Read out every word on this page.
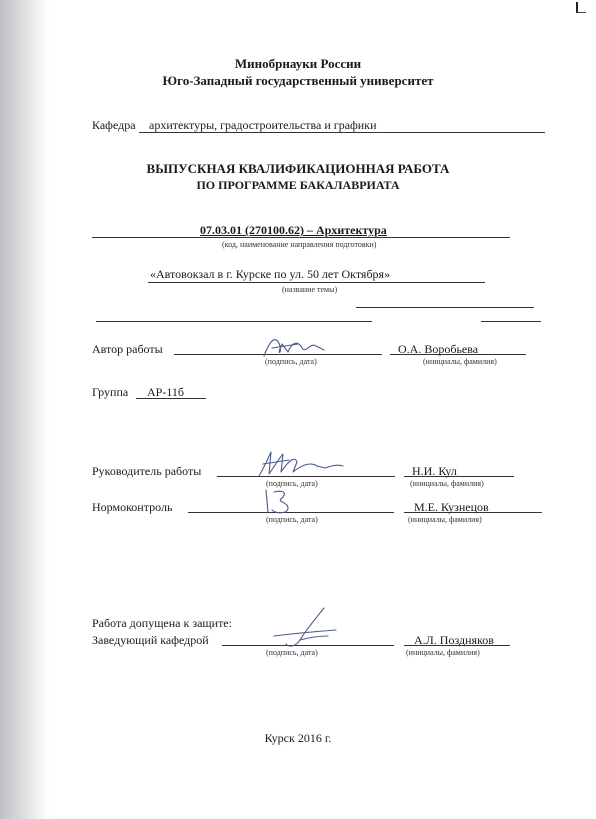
Минобрнауки России
Юго-Западный государственный университет
Кафедра архитектуры, градостроительства и графики
ВЫПУСКНАЯ КВАЛИФИКАЦИОННАЯ РАБОТА
ПО ПРОГРАММЕ БАКАЛАВРИАТА
07.03.01 (270100.62) – Архитектура
(код, наименование направления подготовки)
«Автовокзал в г. Курске по ул. 50 лет Октября»
(название темы)
Автор работы	О.А. Воробьева
(подпись, дата)	(инициалы, фамилия)
Группа АР-11б
Руководитель работы	Н.И. Кул
(подпись, дата)	(инициалы, фамилия)
Нормоконтроль	М.Е. Кузнецов
(подпись, дата)	(инициалы, фамилия)
Работа допущена к защите:
Заведующий кафедрой	А.Л. Поздняков
(подпись, дата)	(инициалы, фамилия)
Курск 2016 г.
